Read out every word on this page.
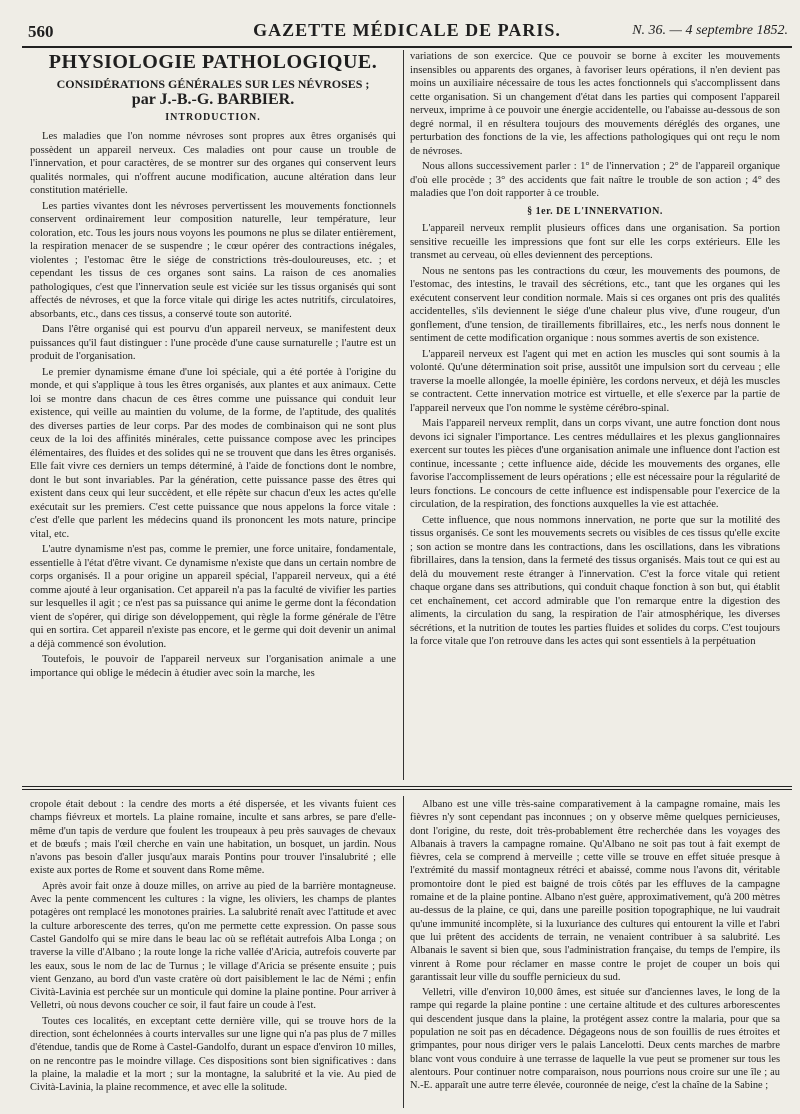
560	GAZETTE MÉDICALE DE PARIS.	N. 36. — 4 septembre 1852.
PHYSIOLOGIE PATHOLOGIQUE.
CONSIDÉRATIONS GÉNÉRALES SUR LES NÉVROSES ;
par J.-B.-G. BARBIER.
INTRODUCTION.

Les maladies que l'on nomme névroses sont propres aux êtres organisés qui possèdent un appareil nerveux. Ces maladies ont pour cause un trouble de l'innervation, et pour caractères, de se montrer sur des organes qui conservent leurs qualités normales, qui n'offrent aucune modification, aucune altération dans leur constitution matérielle.

Les parties vivantes dont les névroses pervertissent les mouvements fonctionnels conservent ordinairement leur composition naturelle, leur température, leur coloration, etc. Tous les jours nous voyons les poumons ne plus se dilater entièrement, la respiration menacer de se suspendre ; le cœur opérer des contractions inégales, violentes ; l'estomac être le siége de constrictions très-douloureuses, etc. ; et cependant les tissus de ces organes sont sains. La raison de ces anomalies pathologiques, c'est que l'innervation seule est viciée sur les tissus organisés qui sont affectés de névroses, et que la force vitale qui dirige les actes nutritifs, circulatoires, absorbants, etc., dans ces tissus, a conservé toute son autorité.

Dans l'être organisé qui est pourvu d'un appareil nerveux, se manifestent deux puissances qu'il faut distinguer : l'une procède d'une cause surnaturelle ; l'autre est un produit de l'organisation.

Le premier dynamisme émane d'une loi spéciale, qui a été portée à l'origine du monde, et qui s'applique à tous les êtres organisés, aux plantes et aux animaux. Cette loi se montre dans chacun de ces êtres comme une puissance qui conduit leur existence, qui veille au maintien du volume, de la forme, de l'aptitude, des qualités des diverses parties de leur corps. Par des modes de combinaison qui ne sont plus ceux de la loi des affinités minérales, cette puissance compose avec les principes élémentaires, des fluides et des solides qui ne se trouvent que dans les êtres organisés. Elle fait vivre ces derniers un temps déterminé, à l'aide de fonctions dont le nombre, dont le but sont invariables. Par la génération, cette puissance passe des êtres qui existent dans ceux qui leur succèdent, et elle répète sur chacun d'eux les actes qu'elle exécutait sur les premiers. C'est cette puissance que nous appelons la force vitale : c'est d'elle que parlent les médecins quand ils prononcent les mots nature, principe vital, etc.

L'autre dynamisme n'est pas, comme le premier, une force unitaire, fondamentale, essentielle à l'état d'être vivant. Ce dynamisme n'existe que dans un certain nombre de corps organisés. Il a pour origine un appareil spécial, l'appareil nerveux, qui a été comme ajouté à leur organisation. Cet appareil n'a pas la faculté de vivifier les parties sur lesquelles il agit ; ce n'est pas sa puissance qui anime le germe dont la fécondation vient de s'opérer, qui dirige son développement, qui règle la forme générale de l'être qui en sortira. Cet appareil n'existe pas encore, et le germe qui doit devenir un animal a déjà commencé son évolution.

Toutefois, le pouvoir de l'appareil nerveux sur l'organisation animale a une importance qui oblige le médecin à étudier avec soin la marche, les

variations de son exercice. Que ce pouvoir se borne à exciter les mouvements insensibles ou apparents des organes, à favoriser leurs opérations, il n'en devient pas moins un auxiliaire nécessaire de tous les actes fonctionnels qui s'accomplissent dans cette organisation. Si un changement d'état dans les parties qui composent l'appareil nerveux, imprime à ce pouvoir une énergie accidentelle, ou l'abaisse au-dessous de son degré normal, il en résultera toujours des mouvements déréglés des organes, une perturbation des fonctions de la vie, les affections pathologiques qui ont reçu le nom de névroses.

Nous allons successivement parler : 1° de l'innervation ; 2° de l'appareil organique d'où elle procède ; 3° des accidents que fait naître le trouble de son action ; 4° des maladies que l'on doit rapporter à ce trouble.

§ 1er. DE L'INNERVATION.

L'appareil nerveux remplit plusieurs offices dans une organisation. Sa portion sensitive recueille les impressions que font sur elle les corps extérieurs. Elle les transmet au cerveau, où elles deviennent des perceptions.

Nous ne sentons pas les contractions du cœur, les mouvements des poumons, de l'estomac, des intestins, le travail des sécrétions, etc., tant que les organes qui les exécutent conservent leur condition normale. Mais si ces organes ont pris des qualités accidentelles, s'ils deviennent le siége d'une chaleur plus vive, d'une rougeur, d'un gonflement, d'une tension, de tiraillements fibrillaires, etc., les nerfs nous donnent le sentiment de cette modification organique : nous sommes avertis de son existence.

L'appareil nerveux est l'agent qui met en action les muscles qui sont soumis à la volonté. Qu'une détermination soit prise, aussitôt une impulsion sort du cerveau ; elle traverse la moelle allongée, la moelle épinière, les cordons nerveux, et déjà les muscles se contractent. Cette innervation motrice est virtuelle, et elle s'exerce par la partie de l'appareil nerveux que l'on nomme le système cérébro-spinal.

Mais l'appareil nerveux remplit, dans un corps vivant, une autre fonction dont nous devons ici signaler l'importance. Les centres médullaires et les plexus ganglionnaires exercent sur toutes les pièces d'une organisation animale une influence dont l'action est continue, incessante ; cette influence aide, décide les mouvements des organes, elle favorise l'accomplissement de leurs opérations ; elle est nécessaire pour la régularité de leurs fonctions. Le concours de cette influence est indispensable pour l'exercice de la circulation, de la respiration, des fonctions auxquelles la vie est attachée.

Cette influence, que nous nommons innervation, ne porte que sur la motilité des tissus organisés. Ce sont les mouvements secrets ou visibles de ces tissus qu'elle excite ; son action se montre dans les contractions, dans les oscillations, dans les vibrations fibrillaires, dans la tension, dans la fermeté des tissus organisés. Mais tout ce qui est au delà du mouvement reste étranger à l'innervation. C'est la force vitale qui retient chaque organe dans ses attributions, qui conduit chaque fonction à son but, qui établit cet enchaînement, cet accord admirable que l'on remarque entre la digestion des aliments, la circulation du sang, la respiration de l'air atmosphérique, les diverses sécrétions, et la nutrition de toutes les parties fluides et solides du corps. C'est toujours la force vitale que l'on retrouve dans les actes qui sont essentiels à la perpétuation

cropole était debout : la cendre des morts a été dispersée, et les vivants fuient ces champs fiévreux et mortels. La plaine romaine, inculte et sans arbres, se pare d'elle-même d'un tapis de verdure que foulent les troupeaux à peu près sauvages de chevaux et de bœufs ; mais l'œil cherche en vain une habitation, un bosquet, un jardin. Nous n'avons pas besoin d'aller jusqu'aux marais Pontins pour trouver l'insalubrité ; elle existe aux portes de Rome et souvent dans Rome même.

Après avoir fait onze à douze milles, on arrive au pied de la barrière montagneuse. Avec la pente commencent les cultures : la vigne, les oliviers, les champs de plantes potagères ont remplacé les monotones prairies. La salubrité renaît avec l'attitude et avec la culture arborescente des terres, qu'on me permette cette expression. On passe sous Castel Gandolfo qui se mire dans le beau lac où se reflétait autrefois Alba Longa ; on traverse la ville d'Albano ; la route longe la riche vallée d'Aricia, autrefois couverte par les eaux, sous le nom de lac de Turnus ; le village d'Aricia se présente ensuite ; puis vient Genzano, au bord d'un vaste cratère où dort paisiblement le lac de Némi ; enfin Cività-Lavinia est perchée sur un monticule qui domine la plaine pontine. Pour arriver à Velletri, où nous devons coucher ce soir, il faut faire un coude à l'est.

Toutes ces localités, en exceptant cette dernière ville, qui se trouve hors de la direction, sont échelonnées à courts intervalles sur une ligne qui n'a pas plus de 7 milles d'étendue, tandis que de Rome à Castel-Gandolfo, durant un espace d'environ 10 milles, on ne rencontre pas le moindre village. Ces dispositions sont bien significatives : dans la plaine, la maladie et la mort ; sur la montagne, la salubrité et la vie. Au pied de Cività-Lavinia, la plaine recommence, et avec elle la solitude.

Albano est une ville très-saine comparativement à la campagne romaine, mais les fièvres n'y sont cependant pas inconnues ; on y observe même quelques pernicieuses, dont l'origine, du reste, doit très-probablement être recherchée dans les voyages des Albanais à travers la campagne romaine. Qu'Albano ne soit pas tout à fait exempt de fièvres, cela se comprend à merveille ; cette ville se trouve en effet située presque à l'extrémité du massif montagneux rétréci et abaissé, comme nous l'avons dit, véritable promontoire dont le pied est baigné de trois côtés par les effluves de la campagne romaine et de la plaine pontine. Albano n'est guère, approximativement, qu'à 200 mètres au-dessus de la plaine, ce qui, dans une pareille position topographique, ne lui vaudrait qu'une immunité incomplète, si la luxuriance des cultures qui entourent la ville et l'abri que lui prêtent des accidents de terrain, ne venaient contribuer à sa salubrité. Les Albanais le savent si bien que, sous l'administration française, du temps de l'empire, ils vinrent à Rome pour réclamer en masse contre le projet de couper un bois qui garantissait leur ville du souffle pernicieux du sud.

Velletri, ville d'environ 10,000 âmes, est située sur d'anciennes laves, le long de la rampe qui regarde la plaine pontine : une certaine altitude et des cultures arborescentes qui descendent jusque dans la plaine, la protégent assez contre la malaria, pour que sa population ne soit pas en décadence. Dégageons nous de son fouillis de rues étroites et grimpantes, pour nous diriger vers le palais Lancelotti. Deux cents marches de marbre blanc vont vous conduire à une terrasse de laquelle la vue peut se promener sur tous les alentours. Pour continuer notre comparaison, nous pourrions nous croire sur une île ; au N.-E. apparaît une autre terre élevée, couronnée de neige, c'est la chaîne de la Sabine ;
